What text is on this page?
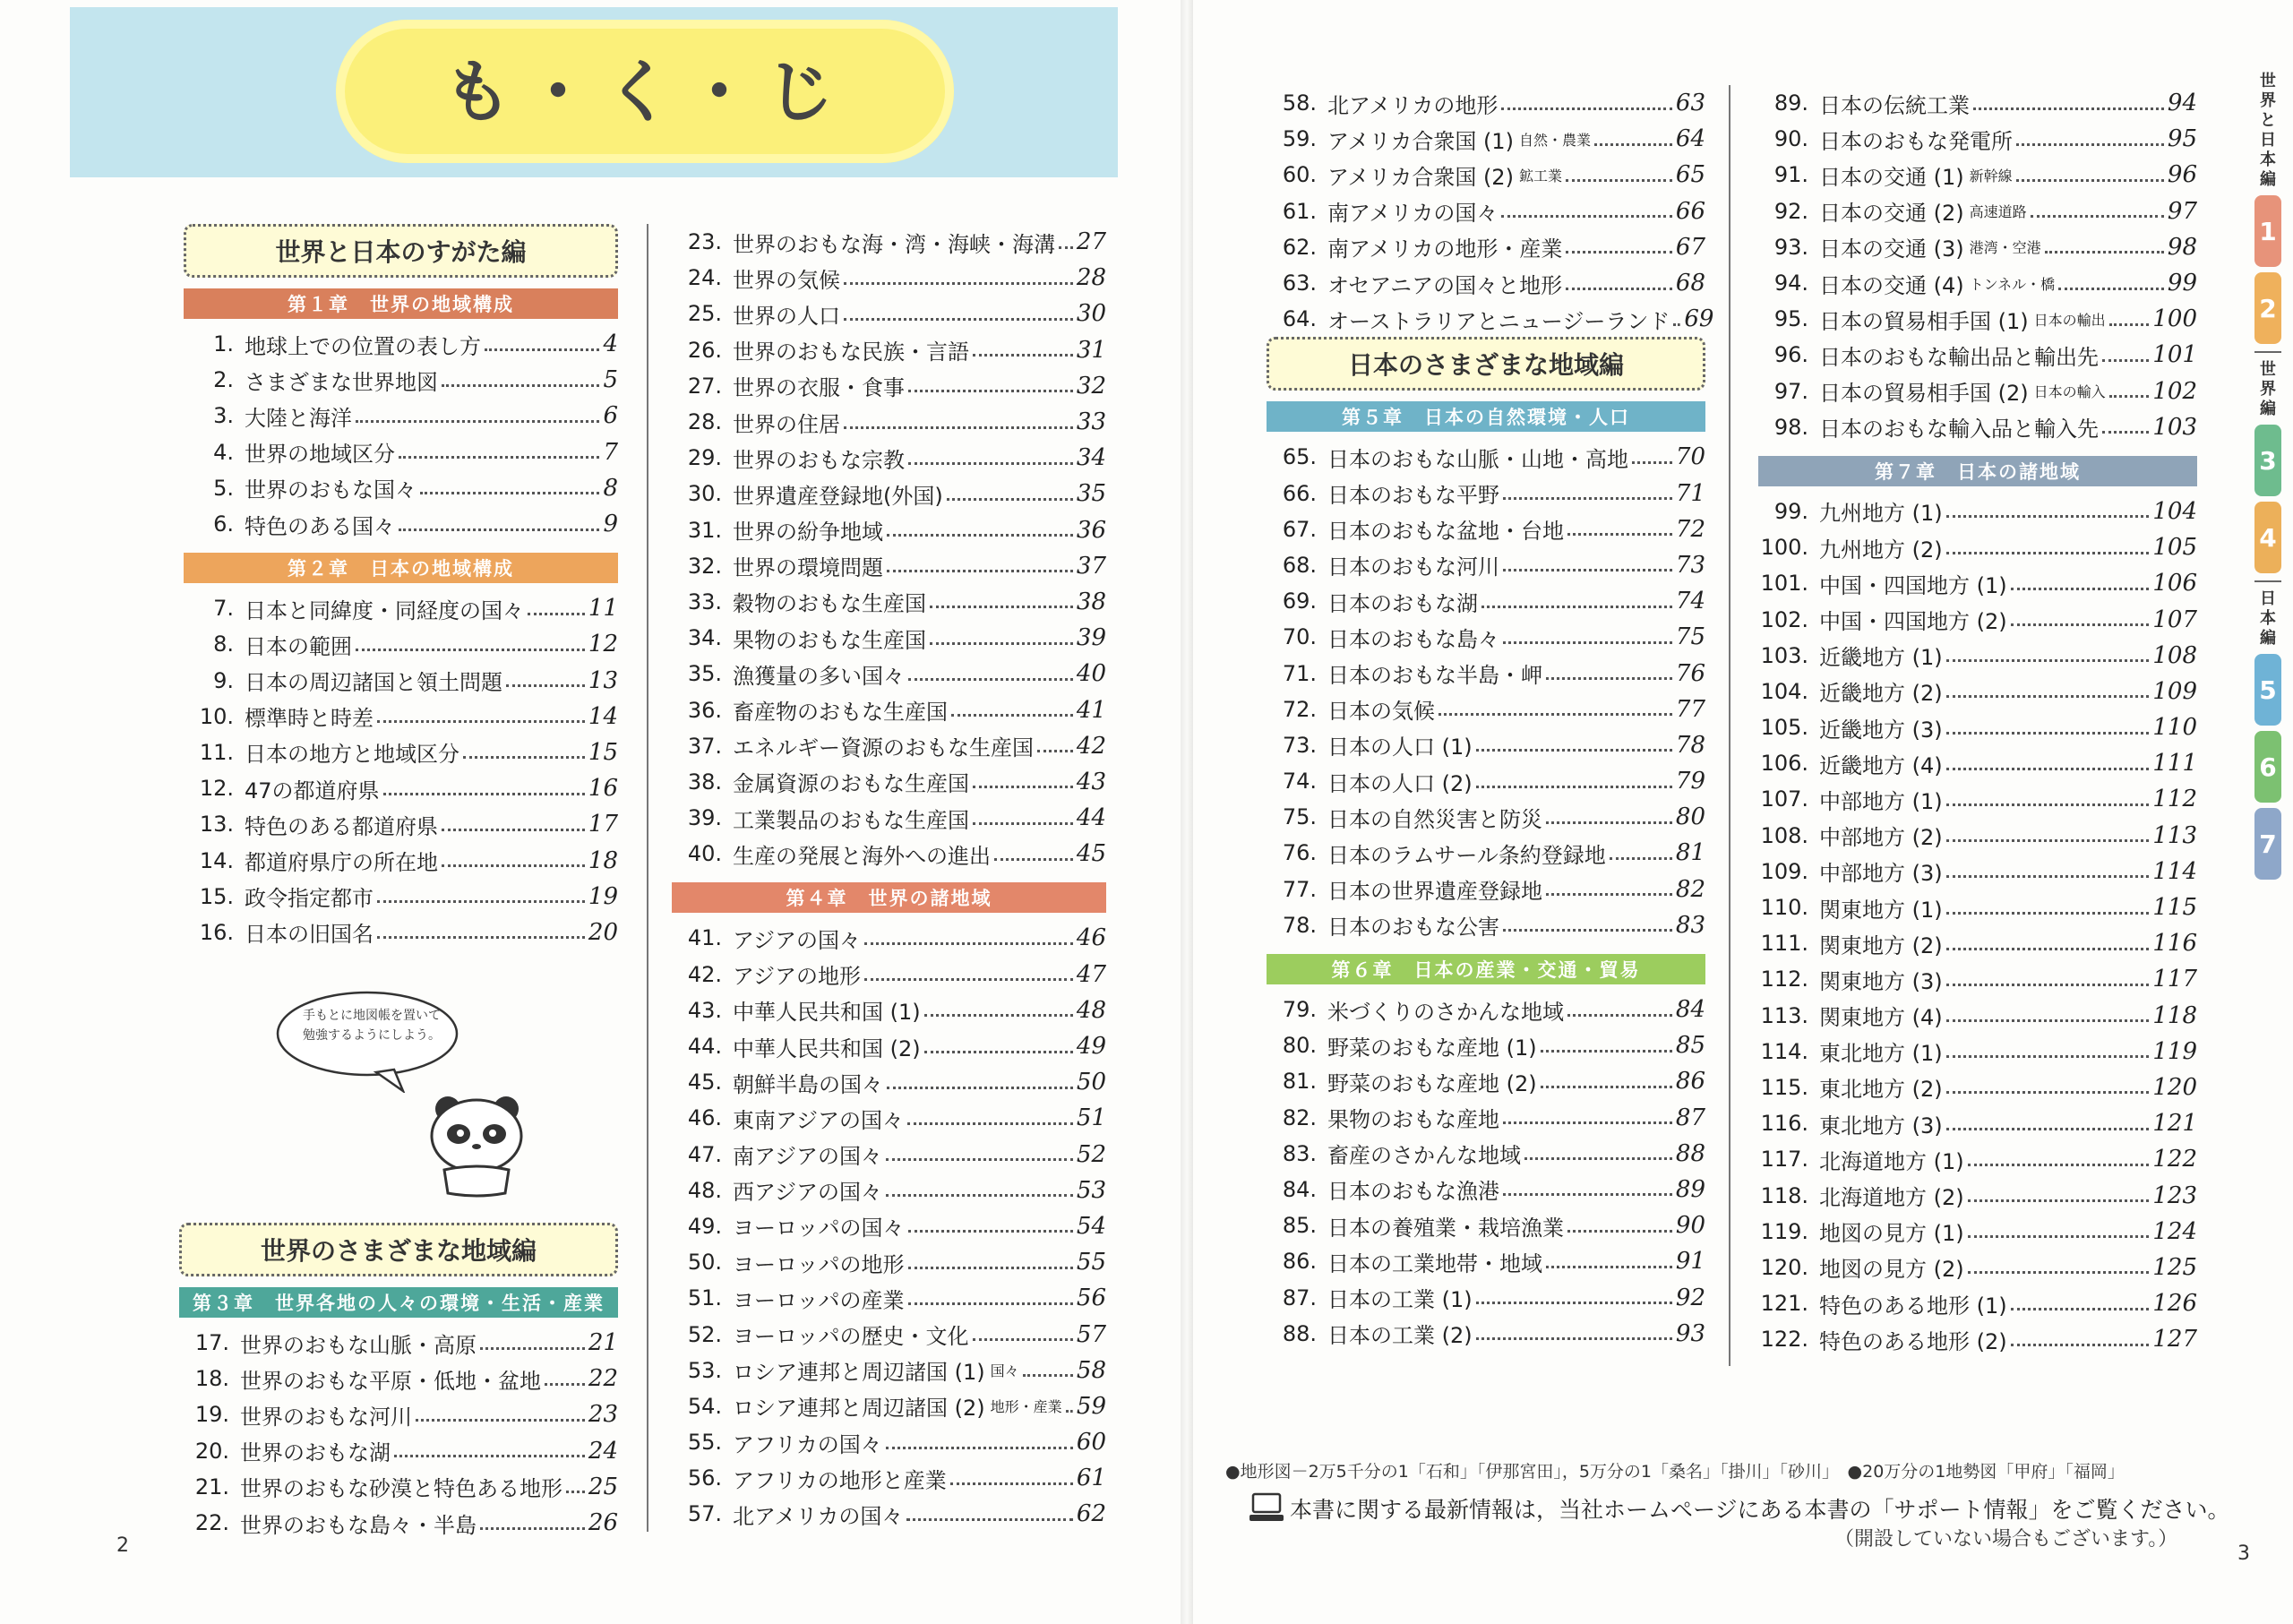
も・く・じ
世界と日本のすがた編
第１章　世界の地域構成
1. 地球上での位置の表し方	4
2. さまざまな世界地図	5
3. 大陸と海洋	6
4. 世界の地域区分	7
5. 世界のおもな国々	8
6. 特色のある国々	9
第２章　日本の地域構成
7. 日本と同緯度・同経度の国々	11
8. 日本の範囲	12
9. 日本の周辺諸国と領土問題	13
10. 標準時と時差	14
11. 日本の地方と地域区分	15
12. 47の都道府県	16
13. 特色のある都道府県	17
14. 都道府県庁の所在地	18
15. 政令指定都市	19
16. 日本の旧国名	20
23. 世界のおもな海・湾・海峡・海溝 27
24. 世界の気候	28
25. 世界の人口	30
26. 世界のおもな民族・言語	31
27. 世界の衣服・食事	32
28. 世界の住居	33
29. 世界のおもな宗教	34
30. 世界遺産登録地(外国)	35
31. 世界の紛争地域	36
32. 世界の環境問題	37
33. 穀物のおもな生産国	38
34. 果物のおもな生産国	39
35. 漁獲量の多い国々	40
36. 畜産物のおもな生産国	41
37. エネルギー資源のおもな生産国 42
38. 金属資源のおもな生産国	43
39. 工業製品のおもな生産国	44
40. 生産の発展と海外への進出	45
第４章　世界の諸地域
41. アジアの国々	46
42. アジアの地形	47
43. 中華人民共和国 (1)	48
44. 中華人民共和国 (2)	49
45. 朝鮮半島の国々	50
46. 東南アジアの国々	51
47. 南アジアの国々	52
48. 西アジアの国々	53
49. ヨーロッパの国々	54
50. ヨーロッパの地形	55
51. ヨーロッパの産業	56
52. ヨーロッパの歴史・文化	57
53. ロシア連邦と周辺諸国 (1) 国々 58
54. ロシア連邦と周辺諸国 (2) 地形・産業 59
55. アフリカの国々	60
56. アフリカの地形と産業	61
57. 北アメリカの国々	62
58. 北アメリカの地形	63
59. アメリカ合衆国 (1) 自然・農業	64
60. アメリカ合衆国 (2) 鉱工業	65
61. 南アメリカの国々	66
62. 南アメリカの地形・産業	67
63. オセアニアの国々と地形	68
64. オーストラリアとニュージーランド 69
日本のさまざまな地域編
第５章　日本の自然環境・人口
65. 日本のおもな山脈・山地・高地 70
66. 日本のおもな平野	71
67. 日本のおもな盆地・台地	72
68. 日本のおもな河川	73
69. 日本のおもな湖	74
70. 日本のおもな島々	75
71. 日本のおもな半島・岬	76
72. 日本の気候	77
73. 日本の人口 (1)	78
74. 日本の人口 (2)	79
75. 日本の自然災害と防災	80
76. 日本のラムサール条約登録地	81
77. 日本の世界遺産登録地	82
78. 日本のおもな公害	83
第６章　日本の産業・交通・貿易
79. 米づくりのさかんな地域	84
80. 野菜のおもな産地 (1)	85
81. 野菜のおもな産地 (2)	86
82. 果物のおもな産地	87
83. 畜産のさかんな地域	88
84. 日本のおもな漁港	89
85. 日本の養殖業・栽培漁業	90
86. 日本の工業地帯・地域	91
87. 日本の工業 (1)	92
88. 日本の工業 (2)	93
89. 日本の伝統工業	94
90. 日本のおもな発電所	95
91. 日本の交通 (1) 新幹線	96
92. 日本の交通 (2) 高速道路	97
93. 日本の交通 (3) 港湾・空港	98
94. 日本の交通 (4) トンネル・橋	99
95. 日本の貿易相手国 (1) 日本の輸出 100
96. 日本のおもな輸出品と輸出先 101
97. 日本の貿易相手国 (2) 日本の輸入 102
98. 日本のおもな輸入品と輸入先 103
第７章　日本の諸地域
99. 九州地方 (1)	104
100. 九州地方 (2)	105
101. 中国・四国地方 (1)	106
102. 中国・四国地方 (2)	107
103. 近畿地方 (1)	108
104. 近畿地方 (2)	109
105. 近畿地方 (3)	110
106. 近畿地方 (4)	111
107. 中部地方 (1)	112
108. 中部地方 (2)	113
109. 中部地方 (3)	114
110. 関東地方 (1)	115
111. 関東地方 (2)	116
112. 関東地方 (3)	117
113. 関東地方 (4)	118
114. 東北地方 (1)	119
115. 東北地方 (2)	120
116. 東北地方 (3)	121
117. 北海道地方 (1)	122
118. 北海道地方 (2)	123
119. 地図の見方 (1)	124
120. 地図の見方 (2)	125
121. 特色のある地形 (1)	126
122. 特色のある地形 (2)	127
世界のさまざまな地域編
第３章　世界各地の人々の環境・生活・産業
17. 世界のおもな山脈・高原	21
18. 世界のおもな平原・低地・盆地 22
19. 世界のおもな河川	23
20. 世界のおもな湖	24
21. 世界のおもな砂漠と特色ある地形 25
22. 世界のおもな島々・半島	26
手もとに地図帳を置いて勉強するようにしよう。
世界と日本編
1
2
世界編
3
4
日本編
5
6
7
●地形図－2万5千分の1「石和」「伊那宮田」，5万分の1「桑名」「掛川」「砂川」　●20万分の1地勢図「甲府」「福岡」
本書に関する最新情報は，当社ホームページにある本書の「サポート情報」をご覧ください。
（開設していない場合もございます。）
2	3
